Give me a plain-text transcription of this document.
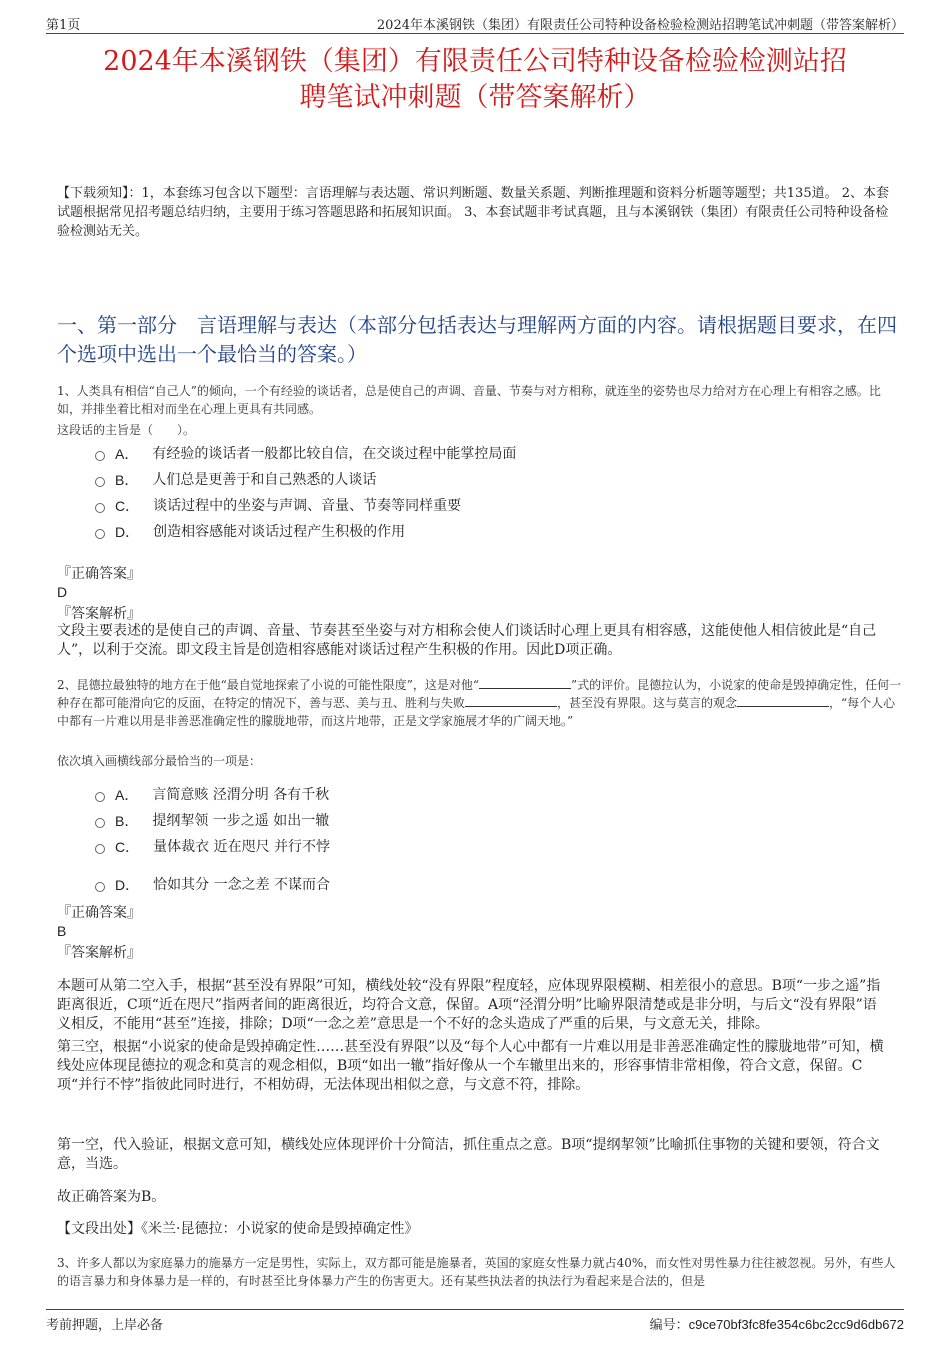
第1页	2024年本溪钢铁（集团）有限责任公司特种设备检验检测站招聘笔试冲刺题（带答案解析）
2024年本溪钢铁（集团）有限责任公司特种设备检验检测站招
聘笔试冲刺题（带答案解析）
【下载须知】：1，本套练习包含以下题型：言语理解与表达题、常识判断题、数量关系题、判断推理题和资料分析题等题型；共135道。 2、本套试题根据常见招考题总结归纳，主要用于练习答题思路和拓展知识面。 3、本套试题非考试真题，且与本溪钢铁（集团）有限责任公司特种设备检验检测站无关。
一、第一部分　言语理解与表达（本部分包括表达与理解两方面的内容。请根据题目要求，在四个选项中选出一个最恰当的答案。）
1、人类具有相信“自己人”的倾向，一个有经验的谈话者，总是使自己的声调、音量、节奏与对方相称，就连坐的姿势也尽力给对方在心理上有相容之感。比如，并排坐着比相对而坐在心理上更具有共同感。
这段话的主旨是（　　）。
A． 有经验的谈话者一般都比较自信，在交谈过程中能掌控局面
B． 人们总是更善于和自己熟悉的人谈话
C． 谈话过程中的坐姿与声调、音量、节奏等同样重要
D． 创造相容感能对谈话过程产生积极的作用
『正确答案』
D
『答案解析』
文段主要表述的是使自己的声调、音量、节奏甚至坐姿与对方相称会使人们谈话时心理上更具有相容感，这能使他人相信彼此是“自己人”，以利于交流。即文段主旨是创造相容感能对谈话过程产生积极的作用。因此D项正确。
2、昆德拉最独特的地方在于他“最自觉地探索了小说的可能性限度”，这是对他“	”式的评价。昆德拉认为，小说家的使命是毁掉确定性，任何一种存在都可能滑向它的反面，在特定的情况下，善与恶、美与丑、胜利与失败	，甚至没有界限。这与莫言的观念	，“每个人心中都有一片难以用是非善恶准确定性的朦胧地带，而这片地带，正是文学家施展才华的广阔天地。”
依次填入画横线部分最恰当的一项是：
A． 言简意赅 泾渭分明 各有千秋
B． 提纲挈领 一步之遥 如出一辙
C． 量体裁衣 近在咫尺 并行不悖
D． 恰如其分 一念之差 不谋而合
『正确答案』
B
『答案解析』
本题可从第二空入手，根据“甚至没有界限”可知，横线处较“没有界限”程度轻，应体现界限模糊、相差很小的意思。B项“一步之遥”指距离很近，C项“近在咫尺”指两者间的距离很近，均符合文意，保留。A项“泾渭分明”比喻界限清楚或是非分明，与后文“没有界限”语义相反，不能用“甚至”连接，排除；D项“一念之差”意思是一个不好的念头造成了严重的后果，与文意无关，排除。
第三空，根据“小说家的使命是毁掉确定性……甚至没有界限”以及“每个人心中都有一片难以用是非善恶准确定性的朦胧地带”可知，横线处应体现昆德拉的观念和莫言的观念相似，B项“如出一辙”指好像从一个车辙里出来的，形容事情非常相像，符合文意，保留。C项“并行不悖”指彼此同时进行，不相妨碍，无法体现出相似之意，与文意不符，排除。
第一空，代入验证，根据文意可知，横线处应体现评价十分简洁，抓住重点之意。B项“提纲挈领”比喻抓住事物的关键和要领，符合文意，当选。
故正确答案为B。
【文段出处】《米兰·昆德拉：小说家的使命是毁掉确定性》
3、许多人都以为家庭暴力的施暴方一定是男性，实际上，双方都可能是施暴者，英国的家庭女性暴力就占40%，而女性对男性暴力往往被忽视。另外，有些人的语言暴力和身体暴力是一样的，有时甚至比身体暴力产生的伤害更大。还有某些执法者的执法行为看起来是合法的，但是
考前押题，上岸必备	编号：c9ce70bf3fc8fe354c6bc2cc9d6db672
